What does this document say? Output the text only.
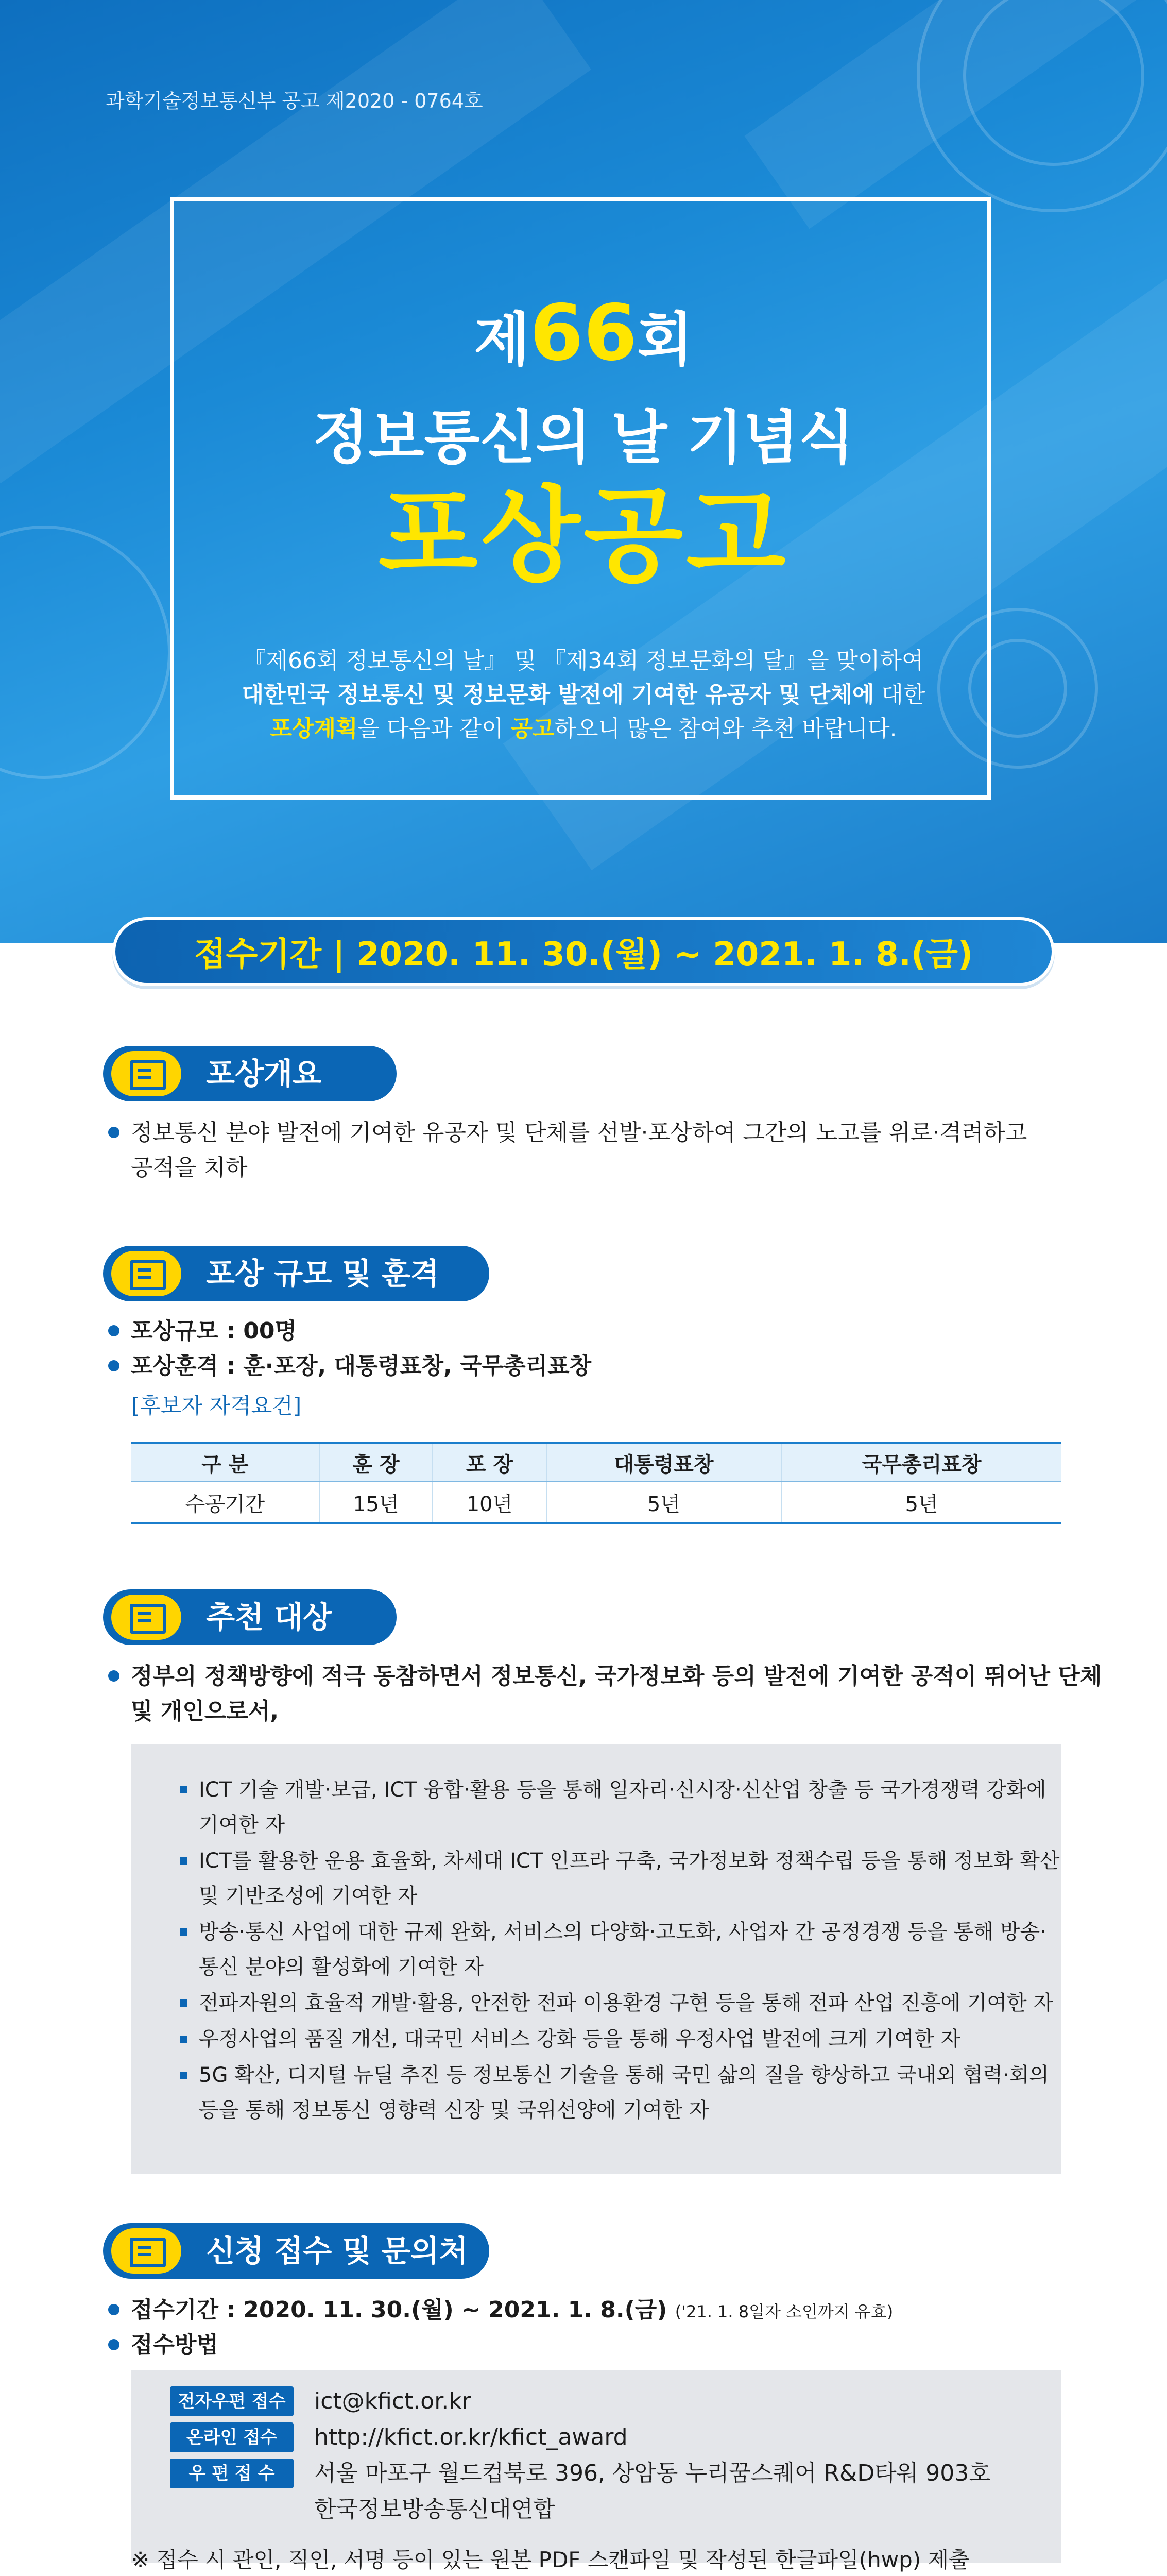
과학기술정보통신부 공고 제2020 - 0764호
제66회
정보통신의 날 기념식
포상공고
『제66회 정보통신의 날』 및 『제34회 정보문화의 달』을 맞이하여
대한민국 정보통신 및 정보문화 발전에 기여한 유공자 및 단체에 대한
포상계획을 다음과 같이 공고하오니 많은 참여와 추천 바랍니다.
접수기간 | 2020. 11. 30.(월) ~ 2021. 1. 8.(금)
포상개요
정보통신 분야 발전에 기여한 유공자 및 단체를 선발·포상하여 그간의 노고를 위로·격려하고
공적을 치하
포상 규모 및 훈격
포상규모 : 00명
포상훈격 : 훈·포장, 대통령표창, 국무총리표창
[후보자 자격요건]
구 분	훈 장	포 장	대통령표창	국무총리표창
수공기간	15년	10년	5년	5년
추천 대상
정부의 정책방향에 적극 동참하면서 정보통신, 국가정보화 등의 발전에 기여한 공적이 뛰어난 단체
및 개인으로서,
ICT 기술 개발·보급, ICT 융합·활용 등을 통해 일자리·신시장·신산업 창출 등 국가경쟁력 강화에
기여한 자
ICT를 활용한 운용 효율화, 차세대 ICT 인프라 구축, 국가정보화 정책수립 등을 통해 정보화 확산
및 기반조성에 기여한 자
방송·통신 사업에 대한 규제 완화, 서비스의 다양화·고도화, 사업자 간 공정경쟁 등을 통해 방송·
통신 분야의 활성화에 기여한 자
전파자원의 효율적 개발·활용, 안전한 전파 이용환경 구현 등을 통해 전파 산업 진흥에 기여한 자
우정사업의 품질 개선, 대국민 서비스 강화 등을 통해 우정사업 발전에 크게 기여한 자
5G 확산, 디지털 뉴딜 추진 등 정보통신 기술을 통해 국민 삶의 질을 향상하고 국내외 협력·회의
등을 통해 정보통신 영향력 신장 및 국위선양에 기여한 자
신청 접수 및 문의처
접수기간 : 2020. 11. 30.(월) ~ 2021. 1. 8.(금) ('21. 1. 8일자 소인까지 유효)
접수방법
전자우편 접수	ict@kfict.or.kr
온라인 접수	http://kfict.or.kr/kfict_award
우 편 접 수	서울 마포구 월드컵북로 396, 상암동 누리꿈스퀘어 R&D타워 903호
한국정보방송통신대연합
※ 접수 시 관인, 직인, 서명 등이 있는 원본 PDF 스캔파일 및 작성된 한글파일(hwp) 제출
